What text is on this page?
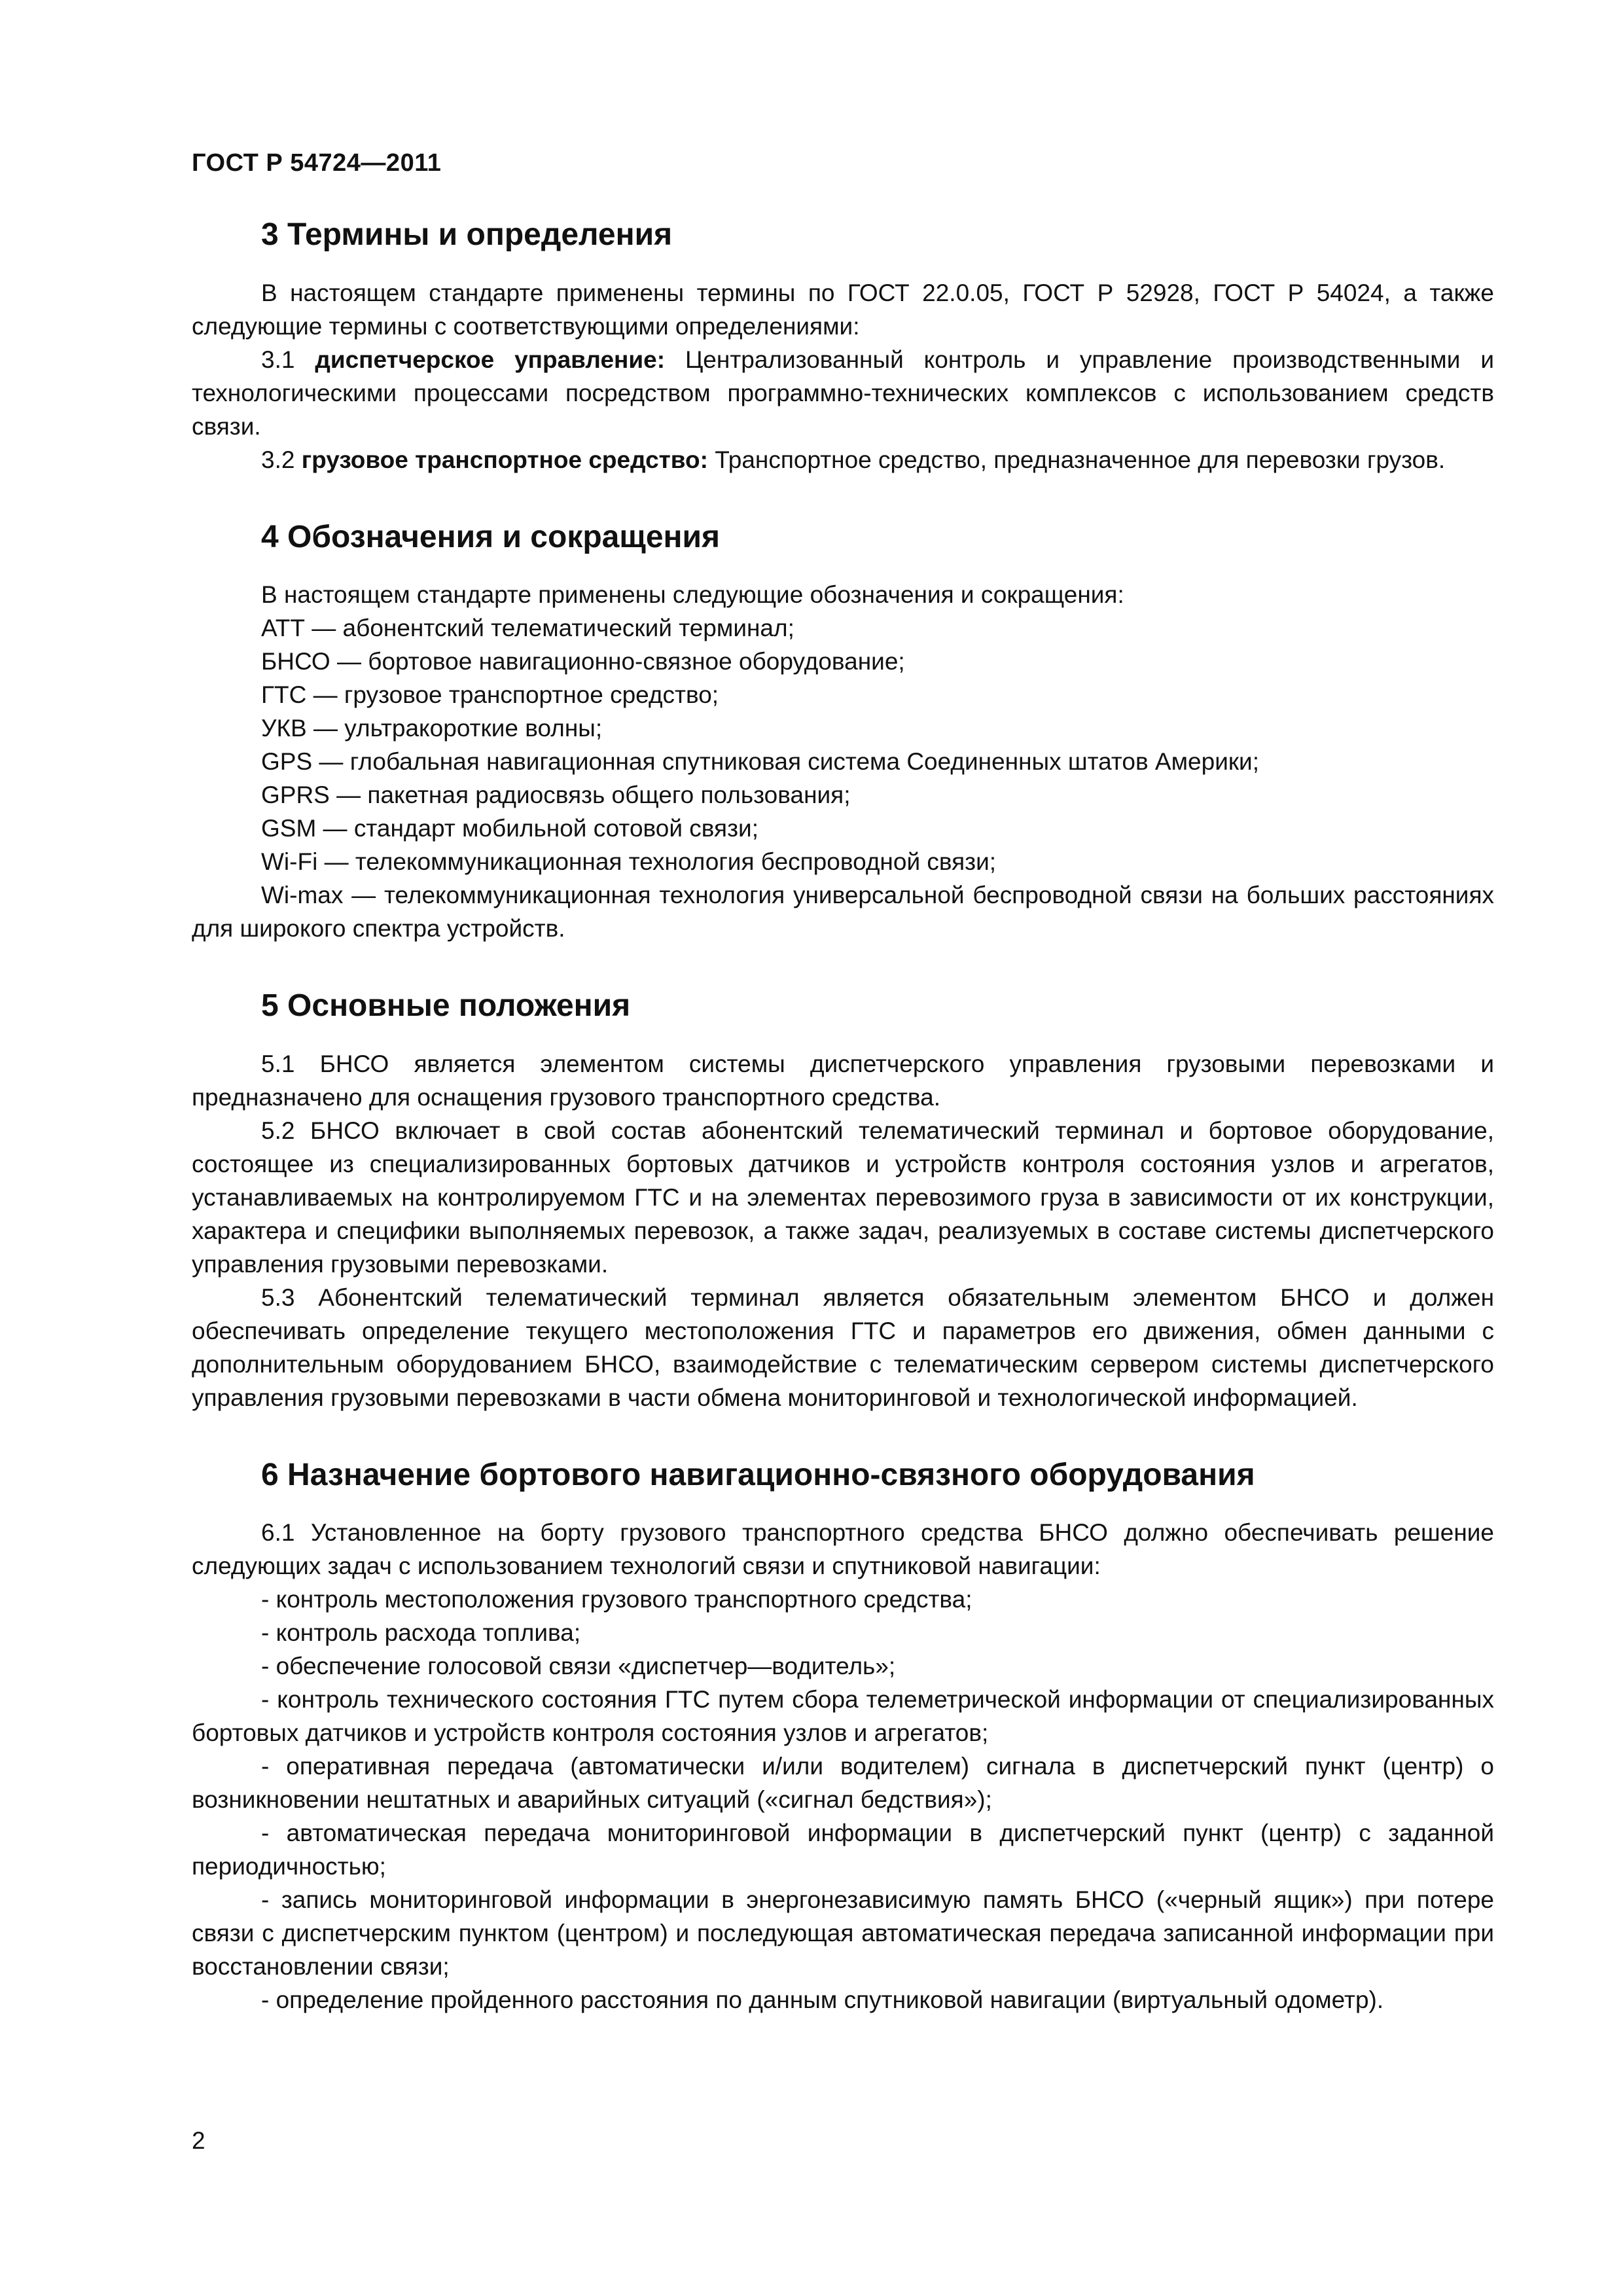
ГОСТ Р 54724—2011
3 Термины и определения

В настоящем стандарте применены термины по ГОСТ 22.0.05, ГОСТ Р 52928, ГОСТ Р 54024, а также следующие термины с соответствующими определениями:

3.1 диспетчерское управление: Централизованный контроль и управление производственными и технологическими процессами посредством программно-технических комплексов с использованием средств связи.

3.2 грузовое транспортное средство: Транспортное средство, предназначенное для перевозки грузов.

4 Обозначения и сокращения

В настоящем стандарте применены следующие обозначения и сокращения:

АТТ — абонентский телематический терминал;

БНСО — бортовое навигационно-связное оборудование;

ГТС — грузовое транспортное средство;

УКВ — ультракороткие волны;

GPS — глобальная навигационная спутниковая система Соединенных штатов Америки;

GPRS — пакетная радиосвязь общего пользования;

GSM — стандарт мобильной сотовой связи;

Wi-Fi — телекоммуникационная технология беспроводной связи;

Wi-max — телекоммуникационная технология универсальной беспроводной связи на больших расстояниях для широкого спектра устройств.

5 Основные положения

5.1 БНСО является элементом системы диспетчерского управления грузовыми перевозками и предназначено для оснащения грузового транспортного средства.

5.2 БНСО включает в свой состав абонентский телематический терминал и бортовое оборудование, состоящее из специализированных бортовых датчиков и устройств контроля состояния узлов и агрегатов, устанавливаемых на контролируемом ГТС и на элементах перевозимого груза в зависимости от их конструкции, характера и специфики выполняемых перевозок, а также задач, реализуемых в составе системы диспетчерского управления грузовыми перевозками.

5.3 Абонентский телематический терминал является обязательным элементом БНСО и должен обеспечивать определение текущего местоположения ГТС и параметров его движения, обмен данными с дополнительным оборудованием БНСО, взаимодействие с телематическим сервером системы диспетчерского управления грузовыми перевозками в части обмена мониторинговой и технологической информацией.

6 Назначение бортового навигационно-связного оборудования

6.1 Установленное на борту грузового транспортного средства БНСО должно обеспечивать решение следующих задач с использованием технологий связи и спутниковой навигации:

- контроль местоположения грузового транспортного средства;

- контроль расхода топлива;

- обеспечение голосовой связи «диспетчер—водитель»;

- контроль технического состояния ГТС путем сбора телеметрической информации от специализированных бортовых датчиков и устройств контроля состояния узлов и агрегатов;

- оперативная передача (автоматически и/или водителем) сигнала в диспетчерский пункт (центр) о возникновении нештатных и аварийных ситуаций («сигнал бедствия»);

- автоматическая передача мониторинговой информации в диспетчерский пункт (центр) с заданной периодичностью;

- запись мониторинговой информации в энергонезависимую память БНСО («черный ящик») при потере связи с диспетчерским пунктом (центром) и последующая автоматическая передача записанной информации при восстановлении связи;

- определение пройденного расстояния по данным спутниковой навигации (виртуальный одометр).

2
